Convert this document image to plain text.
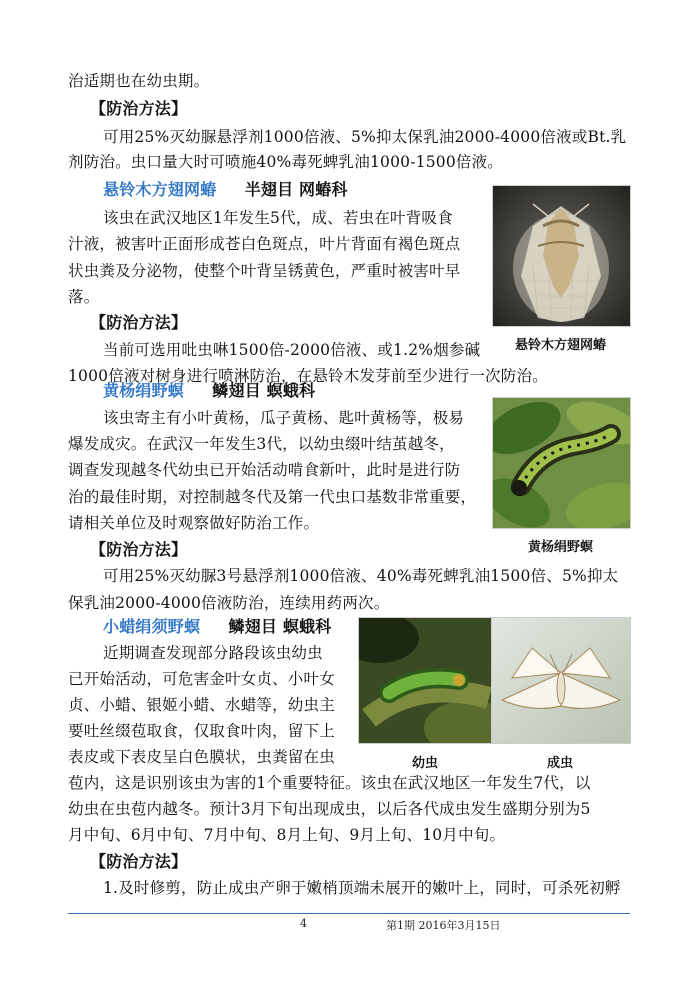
治适期也在幼虫期。
【防治方法】
可用25%灭幼脲悬浮剂1000倍液、5%抑太保乳油2000-4000倍液或Bt.乳
剂防治。虫口量大时可喷施40%毒死蜱乳油1000-1500倍液。
悬铃木方翅网蝽 半翅目 网蝽科
该虫在武汉地区1年发生5代，成、若虫在叶背吸食
汁液，被害叶正面形成苍白色斑点，叶片背面有褐色斑点
状虫粪及分泌物，使整个叶背呈锈黄色，严重时被害叶早
落。
【防治方法】
当前可选用吡虫啉1500倍-2000倍液、或1.2%烟参碱
1000倍液对树身进行喷淋防治，在悬铃木发芽前至少进行一次防治。
悬铃木方翅网蝽
黄杨绢野螟 鳞翅目 螟蛾科
该虫寄主有小叶黄杨，瓜子黄杨、匙叶黄杨等，极易
爆发成灾。在武汉一年发生3代，以幼虫缀叶结茧越冬，
调查发现越冬代幼虫已开始活动啃食新叶，此时是进行防
治的最佳时期，对控制越冬代及第一代虫口基数非常重要，
请相关单位及时观察做好防治工作。
【防治方法】
可用25%灭幼脲3号悬浮剂1000倍液、40%毒死蜱乳油1500倍、5%抑太
保乳油2000-4000倍液防治，连续用药两次。
黄杨绢野螟
小蜡绢须野螟 鳞翅目 螟蛾科
近期调查发现部分路段该虫幼虫
已开始活动，可危害金叶女贞、小叶女
贞、小蜡、银姬小蜡、水蜡等，幼虫主
要吐丝缀苞取食，仅取食叶肉，留下上
表皮或下表皮呈白色膜状，虫粪留在虫
苞内，这是识别该虫为害的1个重要特征。该虫在武汉地区一年发生7代，以
幼虫在虫苞内越冬。预计3月下旬出现成虫，以后各代成虫发生盛期分别为5
月中旬、6月中旬、7月中旬、8月上旬、9月上旬、10月中旬。
【防治方法】
1.及时修剪，防止成虫产卵于嫩梢顶端未展开的嫩叶上，同时，可杀死初孵
幼虫	成虫
4	第1期 2016年3月15日
